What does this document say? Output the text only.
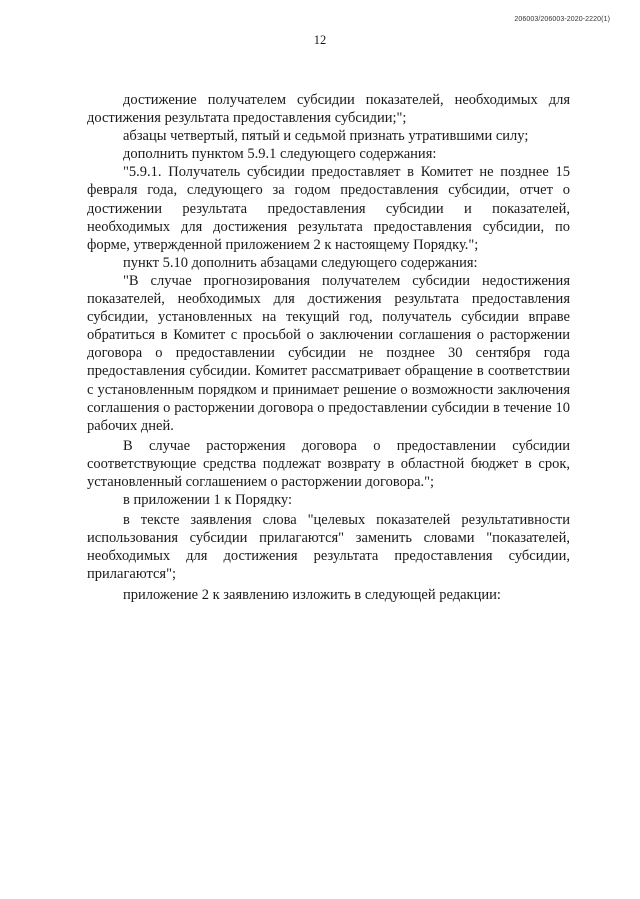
206003/206003-2020-2220(1)
12

достижение получателем субсидии показателей, необходимых для достижения результата предоставления субсидии;";

абзацы четвертый, пятый и седьмой признать утратившими силу;

дополнить пунктом 5.9.1 следующего содержания:

"5.9.1. Получатель субсидии предоставляет в Комитет не позднее 15 февраля года, следующего за годом предоставления субсидии, отчет о достижении результата предоставления субсидии и показателей, необходимых для достижения результата предоставления субсидии, по форме, утвержденной приложением 2 к настоящему Порядку.";

пункт 5.10 дополнить абзацами следующего содержания:

"В случае прогнозирования получателем субсидии недостижения показателей, необходимых для достижения результата предоставления субсидии, установленных на текущий год, получатель субсидии вправе обратиться в Комитет с просьбой о заключении соглашения о расторжении договора о предоставлении субсидии не позднее 30 сентября года предоставления субсидии. Комитет рассматривает обращение в соответствии с установленным порядком и принимает решение о возможности заключения соглашения о расторжении договора о предоставлении субсидии в течение 10 рабочих дней.

В случае расторжения договора о предоставлении субсидии соответствующие средства подлежат возврату в областной бюджет в срок, установленный соглашением о расторжении договора.";

в приложении 1 к Порядку:

в тексте заявления слова "целевых показателей результативности использования субсидии прилагаются" заменить словами "показателей, необходимых для достижения результата предоставления субсидии, прилагаются";

приложение 2 к заявлению изложить в следующей редакции:
